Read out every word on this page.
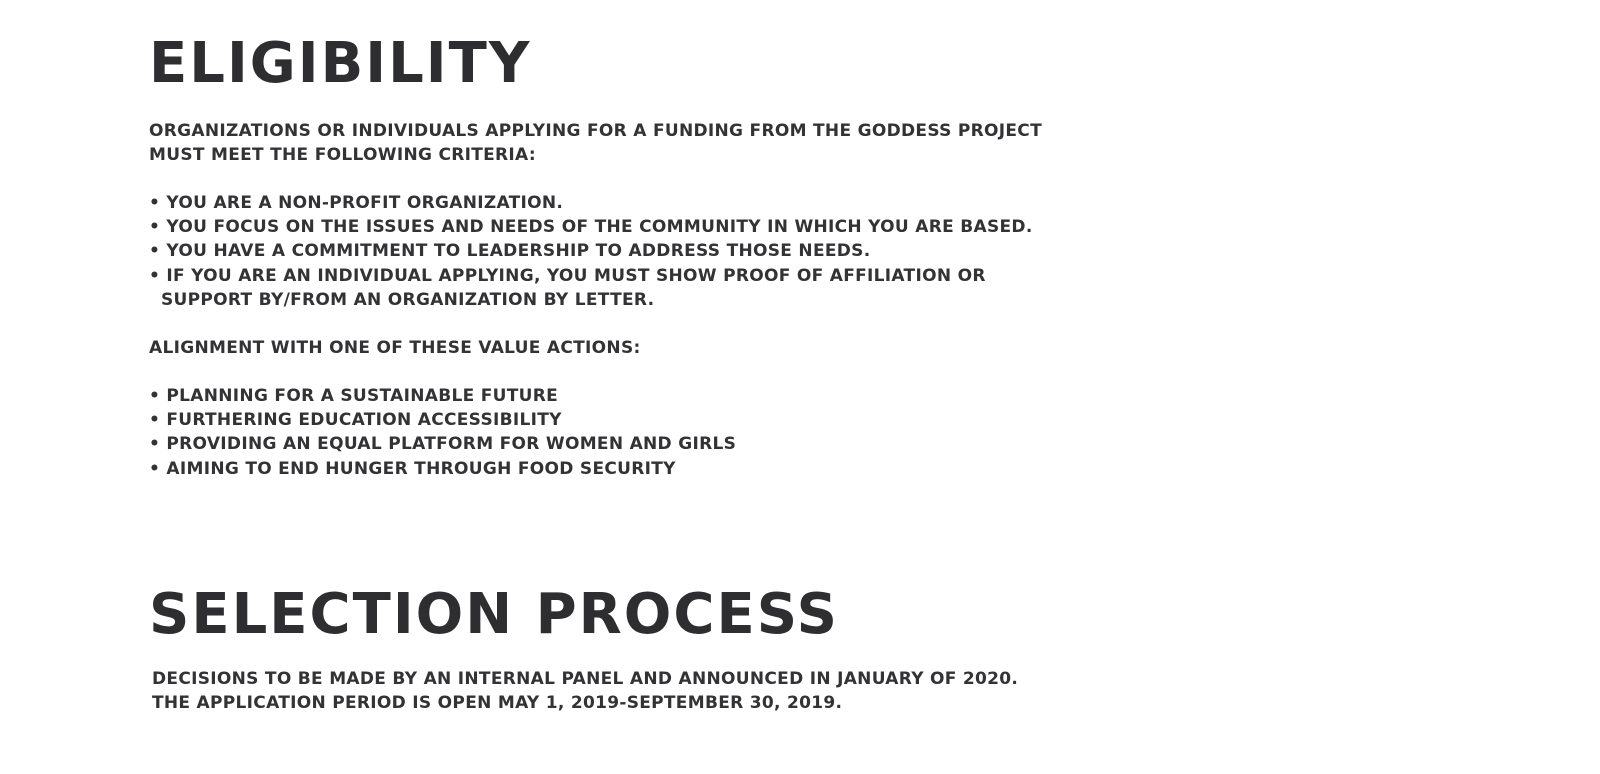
ELIGIBILITY
ORGANIZATIONS OR INDIVIDUALS APPLYING FOR A FUNDING FROM THE GODDESS PROJECT
MUST MEET THE FOLLOWING CRITERIA:
• YOU ARE A NON-PROFIT ORGANIZATION.
• YOU FOCUS ON THE ISSUES AND NEEDS OF THE COMMUNITY IN WHICH YOU ARE BASED.
• YOU HAVE A COMMITMENT TO LEADERSHIP TO ADDRESS THOSE NEEDS.
• IF YOU ARE AN INDIVIDUAL APPLYING, YOU MUST SHOW PROOF OF AFFILIATION OR
SUPPORT BY/FROM AN ORGANIZATION BY LETTER.
ALIGNMENT WITH ONE OF THESE VALUE ACTIONS:
• PLANNING FOR A SUSTAINABLE FUTURE
• FURTHERING EDUCATION ACCESSIBILITY
• PROVIDING AN EQUAL PLATFORM FOR WOMEN AND GIRLS
• AIMING TO END HUNGER THROUGH FOOD SECURITY
SELECTION PROCESS
DECISIONS TO BE MADE BY AN INTERNAL PANEL AND ANNOUNCED IN JANUARY OF 2020.
THE APPLICATION PERIOD IS OPEN MAY 1, 2019-SEPTEMBER 30, 2019.
